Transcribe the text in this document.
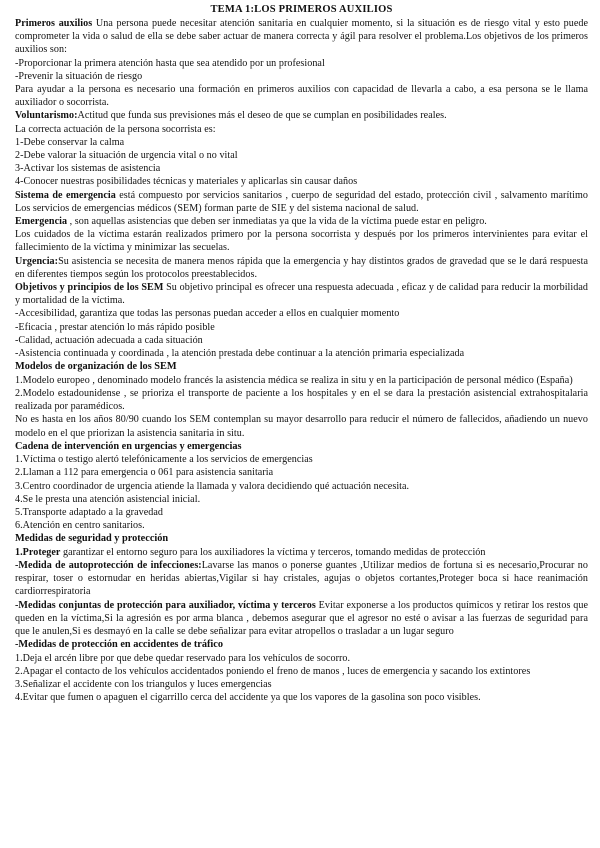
TEMA 1:LOS PRIMEROS AUXILIOS

Primeros auxilios Una persona puede necesitar atención sanitaria en cualquier momento, si la situación es de riesgo vital y esto puede comprometer la vida o salud de ella se debe saber actuar de manera correcta y ágil para resolver el problema.Los objetivos de los primeros auxilios son:

-Proporcionar la primera atención hasta que sea atendido por un profesional

-Prevenir la situación de riesgo

Para ayudar a la persona es necesario una formación en primeros auxilios con capacidad de llevarla a cabo, a esa persona se le llama auxiliador o socorrista.

Voluntarismo:Actitud que funda sus previsiones más el deseo de que se cumplan en posibilidades reales.

La correcta actuación de la persona socorrista es:

1-Debe conservar la calma

2-Debe valorar la situación de urgencia vital o no vital

3-Activar los sistemas de asistencia

4-Conocer nuestras posibilidades técnicas y materiales y aplicarlas sin causar daños

Sistema de emergencia está compuesto por servicios sanitarios , cuerpo de seguridad del estado, protección civil , salvamento marítimo Los servicios de emergencias médicos (SEM) forman parte de SIE y del sistema nacional de salud.

Emergencia , son aquellas asistencias que deben ser inmediatas ya que la vida de la víctima puede estar en peligro.

Los cuidados de la víctima estarán realizados primero por la persona socorrista y después por los primeros intervinientes para evitar el fallecimiento de la víctima y minimizar las secuelas.

Urgencia:Su asistencia se necesita de manera menos rápida que la emergencia y hay distintos grados de gravedad que se le dará respuesta en diferentes tiempos según los protocolos preestablecidos.

Objetivos y principios de los SEM Su objetivo principal es ofrecer una respuesta adecuada , eficaz y de calidad para reducir la morbilidad y mortalidad de la víctima.

-Accesibilidad, garantiza que todas las personas puedan acceder a ellos en cualquier momento

-Eficacia , prestar atención lo más rápido posible

-Calidad, actuación adecuada a cada situación

-Asistencia continuada y coordinada , la atención prestada debe continuar a la atención primaria especializada

Modelos de organización de los SEM

1.Modelo europeo , denominado modelo francés la asistencia médica se realiza in situ y en la participación de personal médico (España)

2.Modelo estadounidense , se prioriza el transporte de paciente a los hospitales y en el se dara la prestación asistencial extrahospitalaria realizada por paramédicos.

No es hasta en los años 80/90 cuando los SEM contemplan su mayor desarrollo para reducir el número de fallecidos, añadiendo un nuevo modelo en el que priorizan la asistencia sanitaria in situ.

Cadena de intervención en urgencias y emergencias

1.Víctima o testigo alertó telefónicamente a los servicios de emergencias

2.Llaman a 112 para emergencia o 061 para asistencia sanitaria

3.Centro coordinador de urgencia atiende la llamada y valora decidiendo qué actuación necesita.

4.Se le presta una atención asistencial inicial.

5.Transporte adaptado a la gravedad

6.Atención en centro sanitarios.

Medidas de seguridad y protección

1.Proteger garantizar el entorno seguro para los auxiliadores la víctima y terceros, tomando medidas de protección

-Medida de autoprotección de infecciones:Lavarse las manos o ponerse guantes ,Utilizar medios de fortuna si es necesario,Procurar no respirar, toser o estornudar en heridas abiertas,Vigilar si hay cristales, agujas o objetos cortantes,Proteger boca si hace reanimación cardiorrespiratoria

-Medidas conjuntas de protección para auxiliador, víctima y terceros Evitar exponerse a los productos químicos y retirar los restos que queden en la víctima,Si la agresión es por arma blanca , debemos asegurar que el agresor no esté o avisar a las fuerzas de seguridad para que le anulen,Si es desmayó en la calle se debe señalizar para evitar atropellos o trasladar a un lugar seguro

-Medidas de protección en accidentes de tráfico

1.Deja el arcén libre por que debe quedar reservado para los vehículos de socorro.

2.Apagar el contacto de los vehículos accidentados poniendo el freno de manos , luces de emergencia y sacando los extintores

3.Señalizar el accidente con los triangulos y luces emergencias

4.Evitar que fumen o apaguen el cigarrillo cerca del accidente ya que los vapores de la gasolina son poco visibles.
